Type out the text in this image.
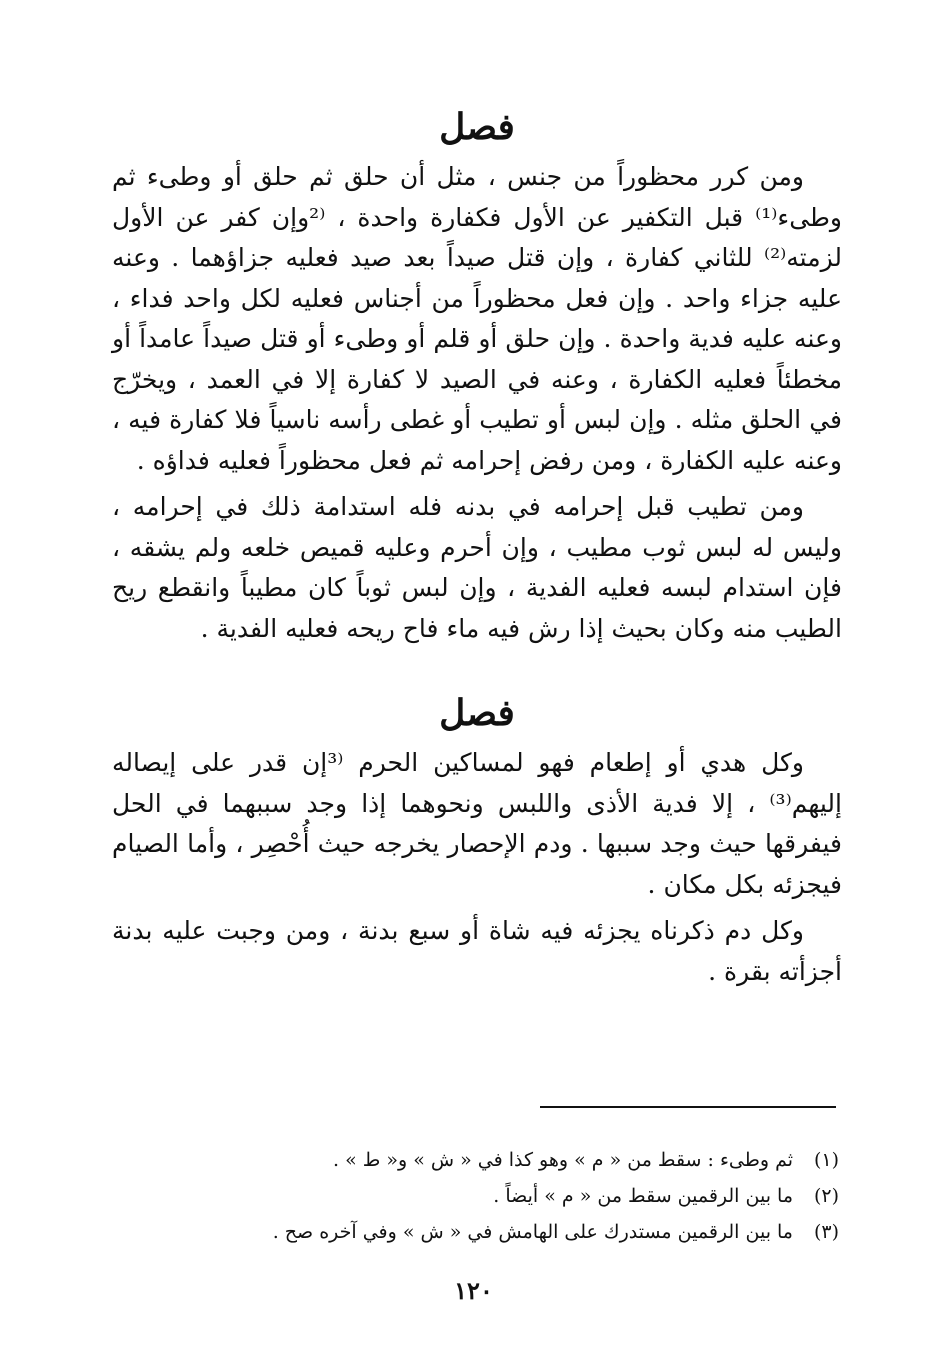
فصل

ومن كرر محظوراً من جنس ، مثل أن حلق ثم حلق أو وطىء ثم وطىء⁽¹⁾ قبل التكفير عن الأول فكفارة واحدة ، ⁽²وإن كفر عن الأول لزمته⁽²⁾ للثاني كفارة ، وإن قتل صيداً بعد صيد فعليه جزاؤهما . وعنه عليه جزاء واحد . وإن فعل محظوراً من أجناس فعليه لكل واحد فداء ، وعنه عليه فدية واحدة . وإن حلق أو قلم أو وطىء أو قتل صيداً عامداً أو مخطئاً فعليه الكفارة ، وعنه في الصيد لا كفارة إلا في العمد ، ويخرّج في الحلق مثله . وإن لبس أو تطيب أو غطى رأسه ناسياً فلا كفارة فيه ، وعنه عليه الكفارة ، ومن رفض إحرامه ثم فعل محظوراً فعليه فداؤه .

ومن تطيب قبل إحرامه في بدنه فله استدامة ذلك في إحرامه ، وليس له لبس ثوب مطيب ، وإن أحرم وعليه قميص خلعه ولم يشقه ، فإن استدام لبسه فعليه الفدية ، وإن لبس ثوباً كان مطيباً وانقطع ريح الطيب منه وكان بحيث إذا رش فيه ماء فاح ريحه فعليه الفدية .

فصل

وكل هدي أو إطعام فهو لمساكين الحرم ⁽³إن قدر على إيصاله إليهم⁽³⁾ ، إلا فدية الأذى واللبس ونحوهما إذا وجد سببهما في الحل فيفرقها حيث وجد سببها . ودم الإحصار يخرجه حيث أُحْصِر ، وأما الصيام فيجزئه بكل مكان .

وكل دم ذكرناه يجزئه فيه شاة أو سبع بدنة ، ومن وجبت عليه بدنة أجزأته بقرة .

(١)
ثم وطىء : سقط من « م » وهو كذا في « ش » و« ط » .
(٢)
ما بين الرقمين سقط من « م » أيضاً .
(٣)
ما بين الرقمين مستدرك على الهامش في « ش » وفي آخره صح .
١٢٠
